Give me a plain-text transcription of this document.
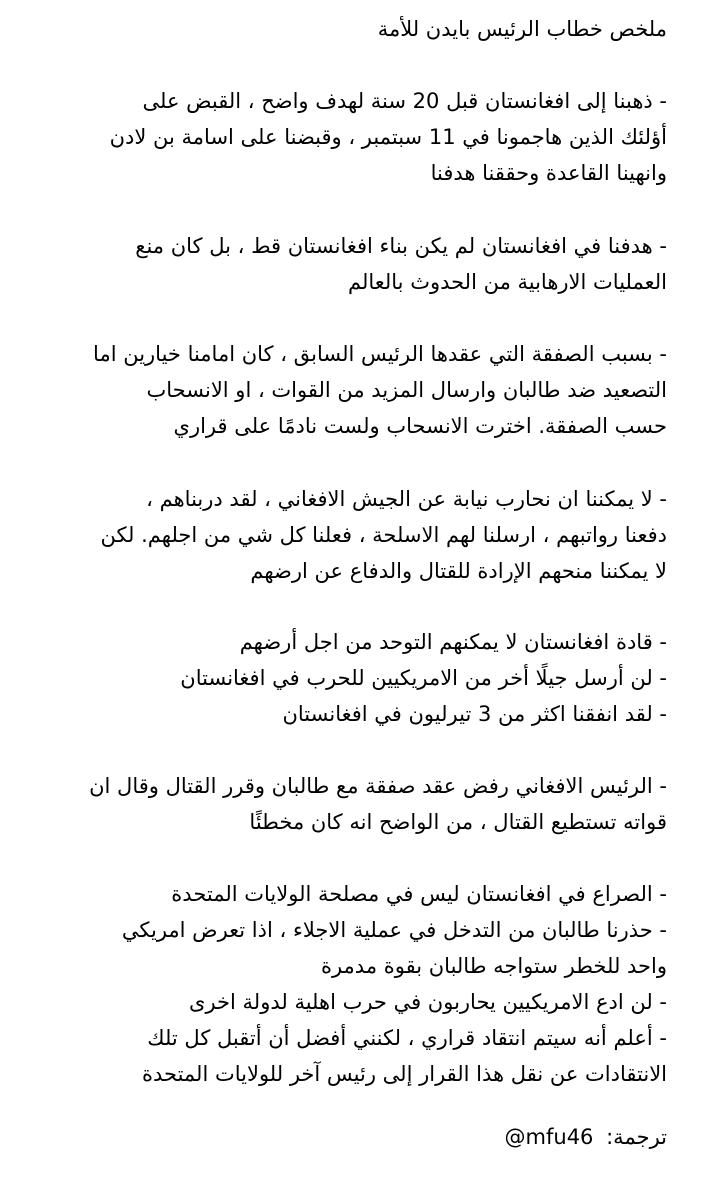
ملخص خطاب الرئيس بايدن للأمة
- ذهبنا إلى افغانستان قبل 20 سنة لهدف واضح ، القبض على
أؤلئك الذين هاجمونا في 11 سبتمبر ، وقبضنا على اسامة بن لادن
وانهينا القاعدة وحققنا هدفنا
- هدفنا في افغانستان لم يكن بناء افغانستان قط ، بل كان منع
العمليات الارهابية من الحدوث بالعالم
- بسبب الصفقة التي عقدها الرئيس السابق ، كان امامنا خيارين اما
التصعيد ضد طالبان وارسال المزيد من القوات ، او الانسحاب
حسب الصفقة. اخترت الانسحاب ولست نادمًا على قراري
- لا يمكننا ان نحارب نيابة عن الجيش الافغاني ، لقد دربناهم ،
دفعنا رواتبهم ، ارسلنا لهم الاسلحة ، فعلنا كل شي من اجلهم. لكن
لا يمكننا منحهم الإرادة للقتال والدفاع عن ارضهم
- قادة افغانستان لا يمكنهم التوحد من اجل أرضهم
- لن أرسل جيلًا أخر من الامريكيين للحرب في افغانستان
- لقد انفقنا اكثر من 3 تيرليون في افغانستان
- الرئيس الافغاني رفض عقد صفقة مع طالبان وقرر القتال وقال ان
قواته تستطيع القتال ، من الواضح انه كان مخطئًا
- الصراع في افغانستان ليس في مصلحة الولايات المتحدة
- حذرنا طالبان من التدخل في عملية الاجلاء ، اذا تعرض امريكي
واحد للخطر ستواجه طالبان بقوة مدمرة
- لن ادع الامريكيين يحاربون في حرب اهلية لدولة اخرى
- أعلم أنه سيتم انتقاد قراري ، لكنني أفضل أن أتقبل كل تلك
الانتقادات عن نقل هذا القرار إلى رئيس آخر للولايات المتحدة
ترجمة: @mfu46
